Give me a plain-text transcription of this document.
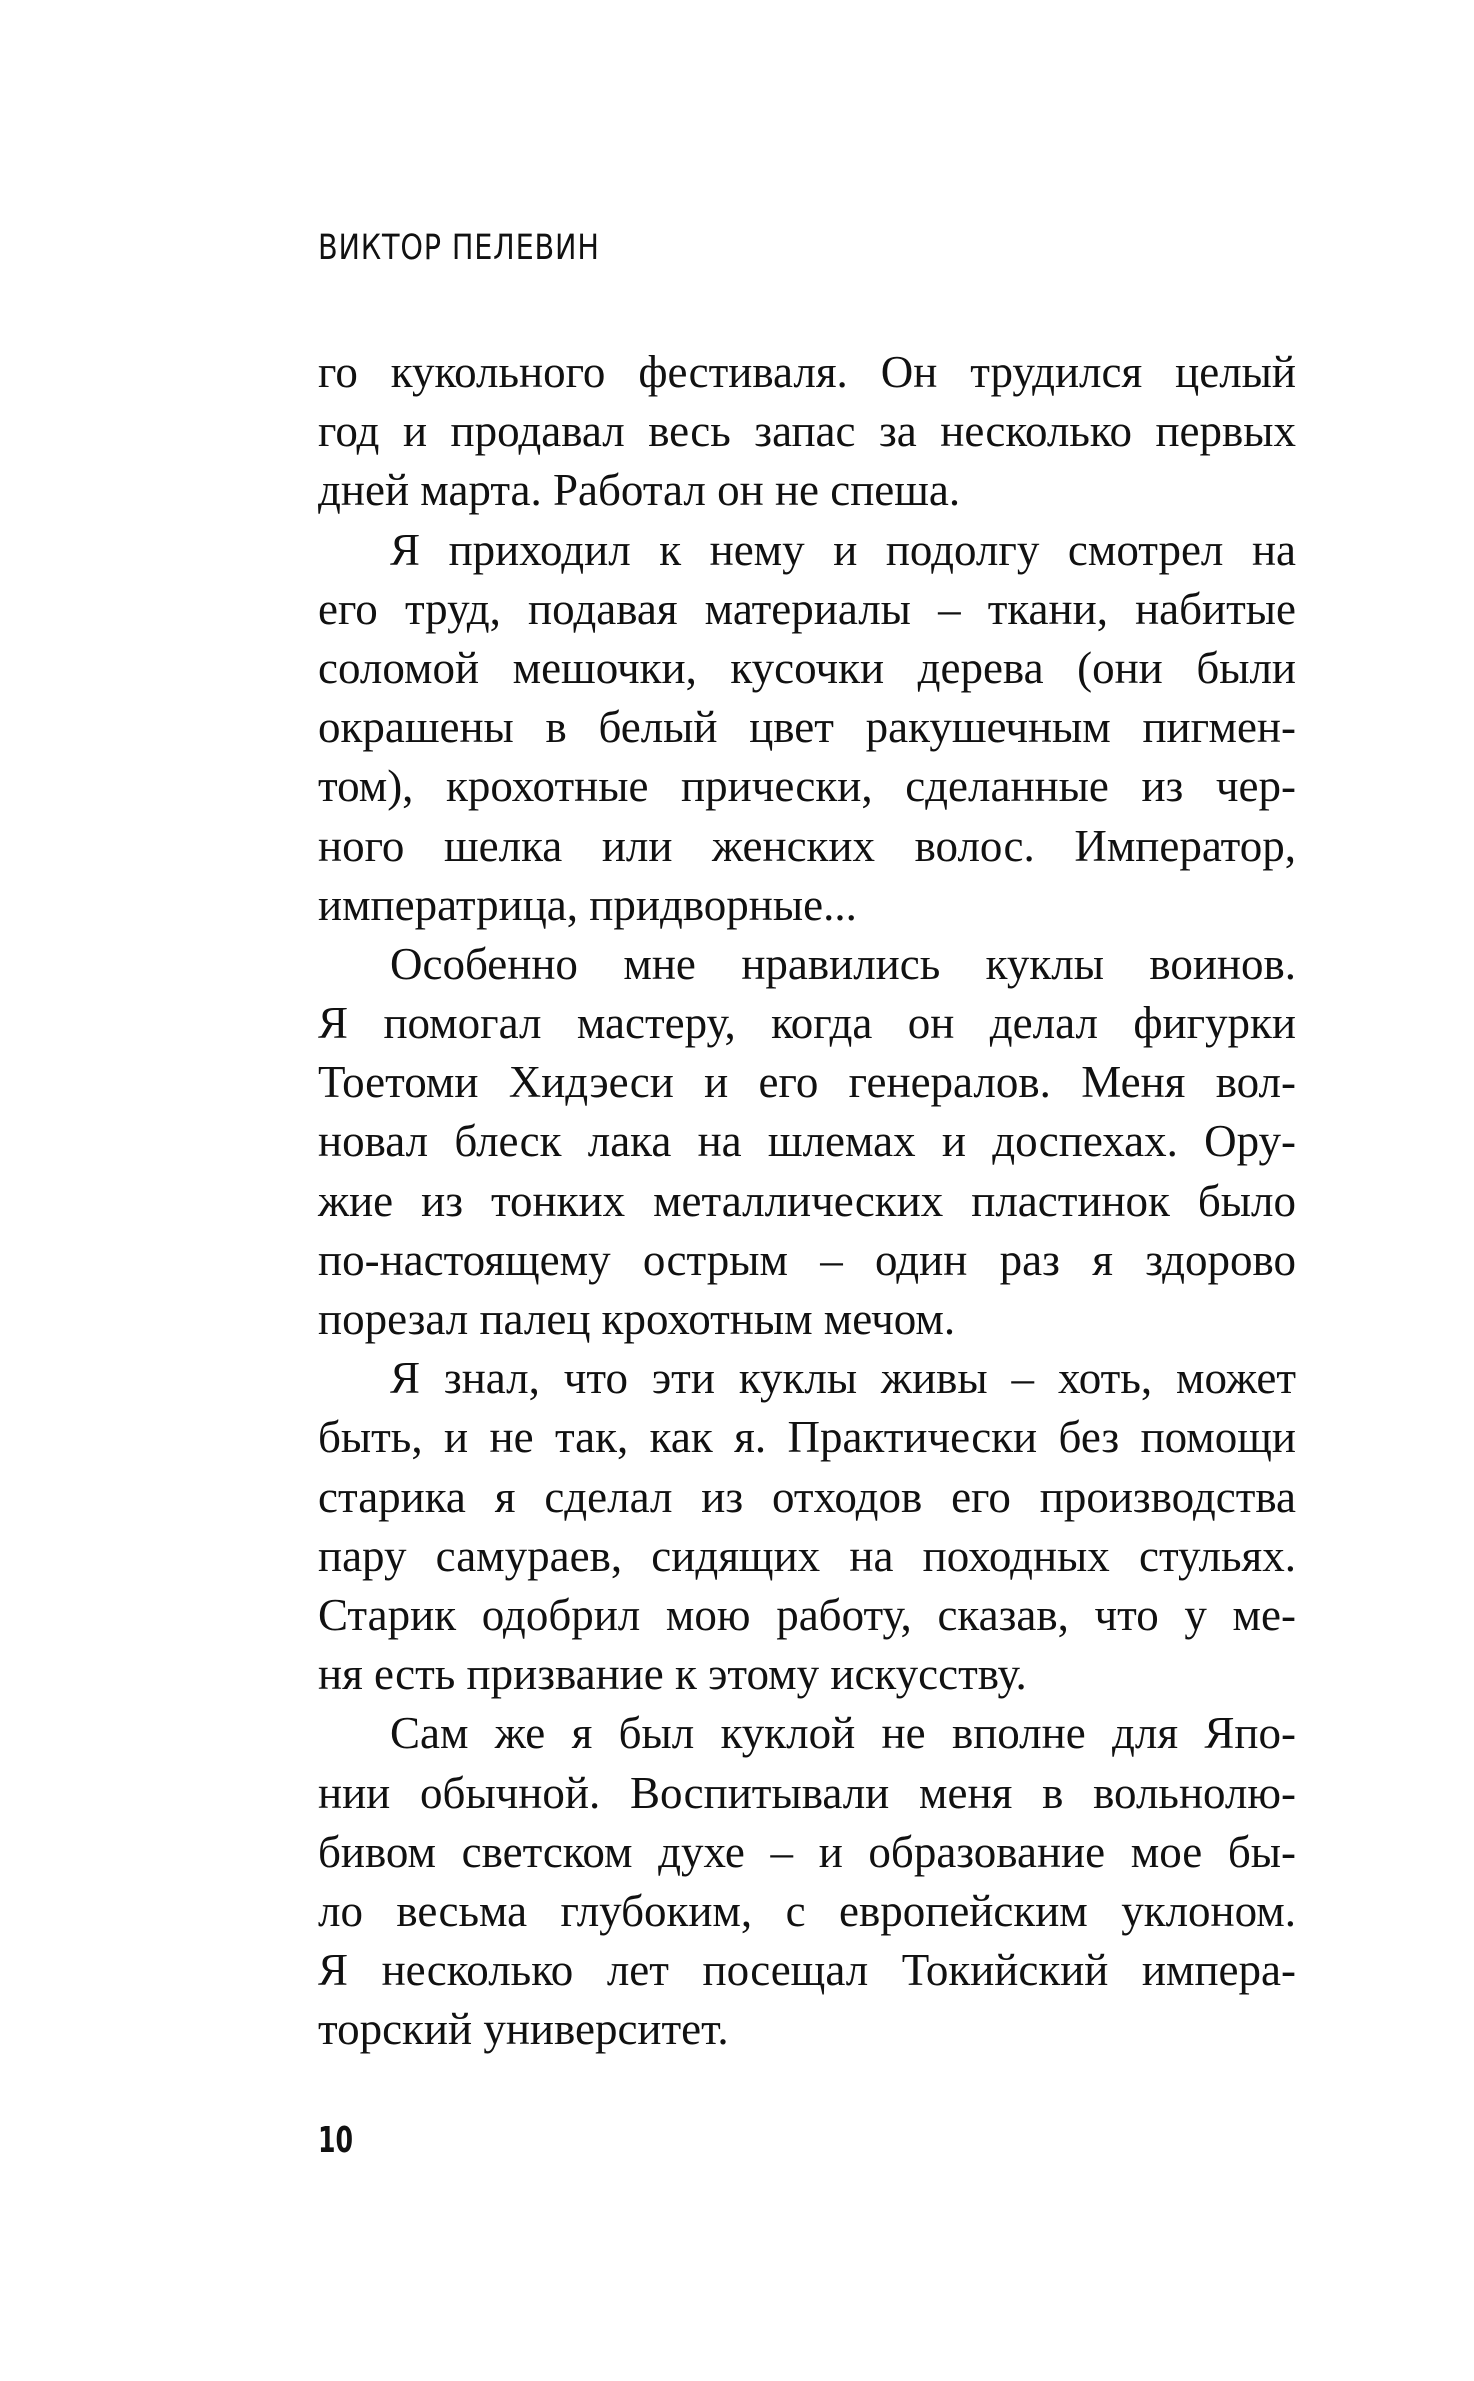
ВИКТОР ПЕЛЕВИН
го кукольного фестиваля. Он трудился целый
год и продавал весь запас за несколько первых
дней марта. Работал он не спеша.
Я приходил к нему и подолгу смотрел на
его труд, подавая материалы – ткани, набитые
соломой мешочки, кусочки дерева (они были
окрашены в белый цвет ракушечным пигмен-
том), крохотные прически, сделанные из чер-
ного шелка или женских волос. Император,
императрица, придворные...
Особенно мне нравились куклы воинов.
Я помогал мастеру, когда он делал фигурки
Тоетоми Хидэеси и его генералов. Меня вол-
новал блеск лака на шлемах и доспехах. Ору-
жие из тонких металлических пластинок было
по-настоящему острым – один раз я здорово
порезал палец крохотным мечом.
Я знал, что эти куклы живы – хоть, может
быть, и не так, как я. Практически без помощи
старика я сделал из отходов его производства
пару самураев, сидящих на походных стульях.
Старик одобрил мою работу, сказав, что у ме-
ня есть призвание к этому искусству.
Сам же я был куклой не вполне для Япо-
нии обычной. Воспитывали меня в вольнолю-
бивом светском духе – и образование мое бы-
ло весьма глубоким, с европейским уклоном.
Я несколько лет посещал Токийский импера-
торский университет.
10
